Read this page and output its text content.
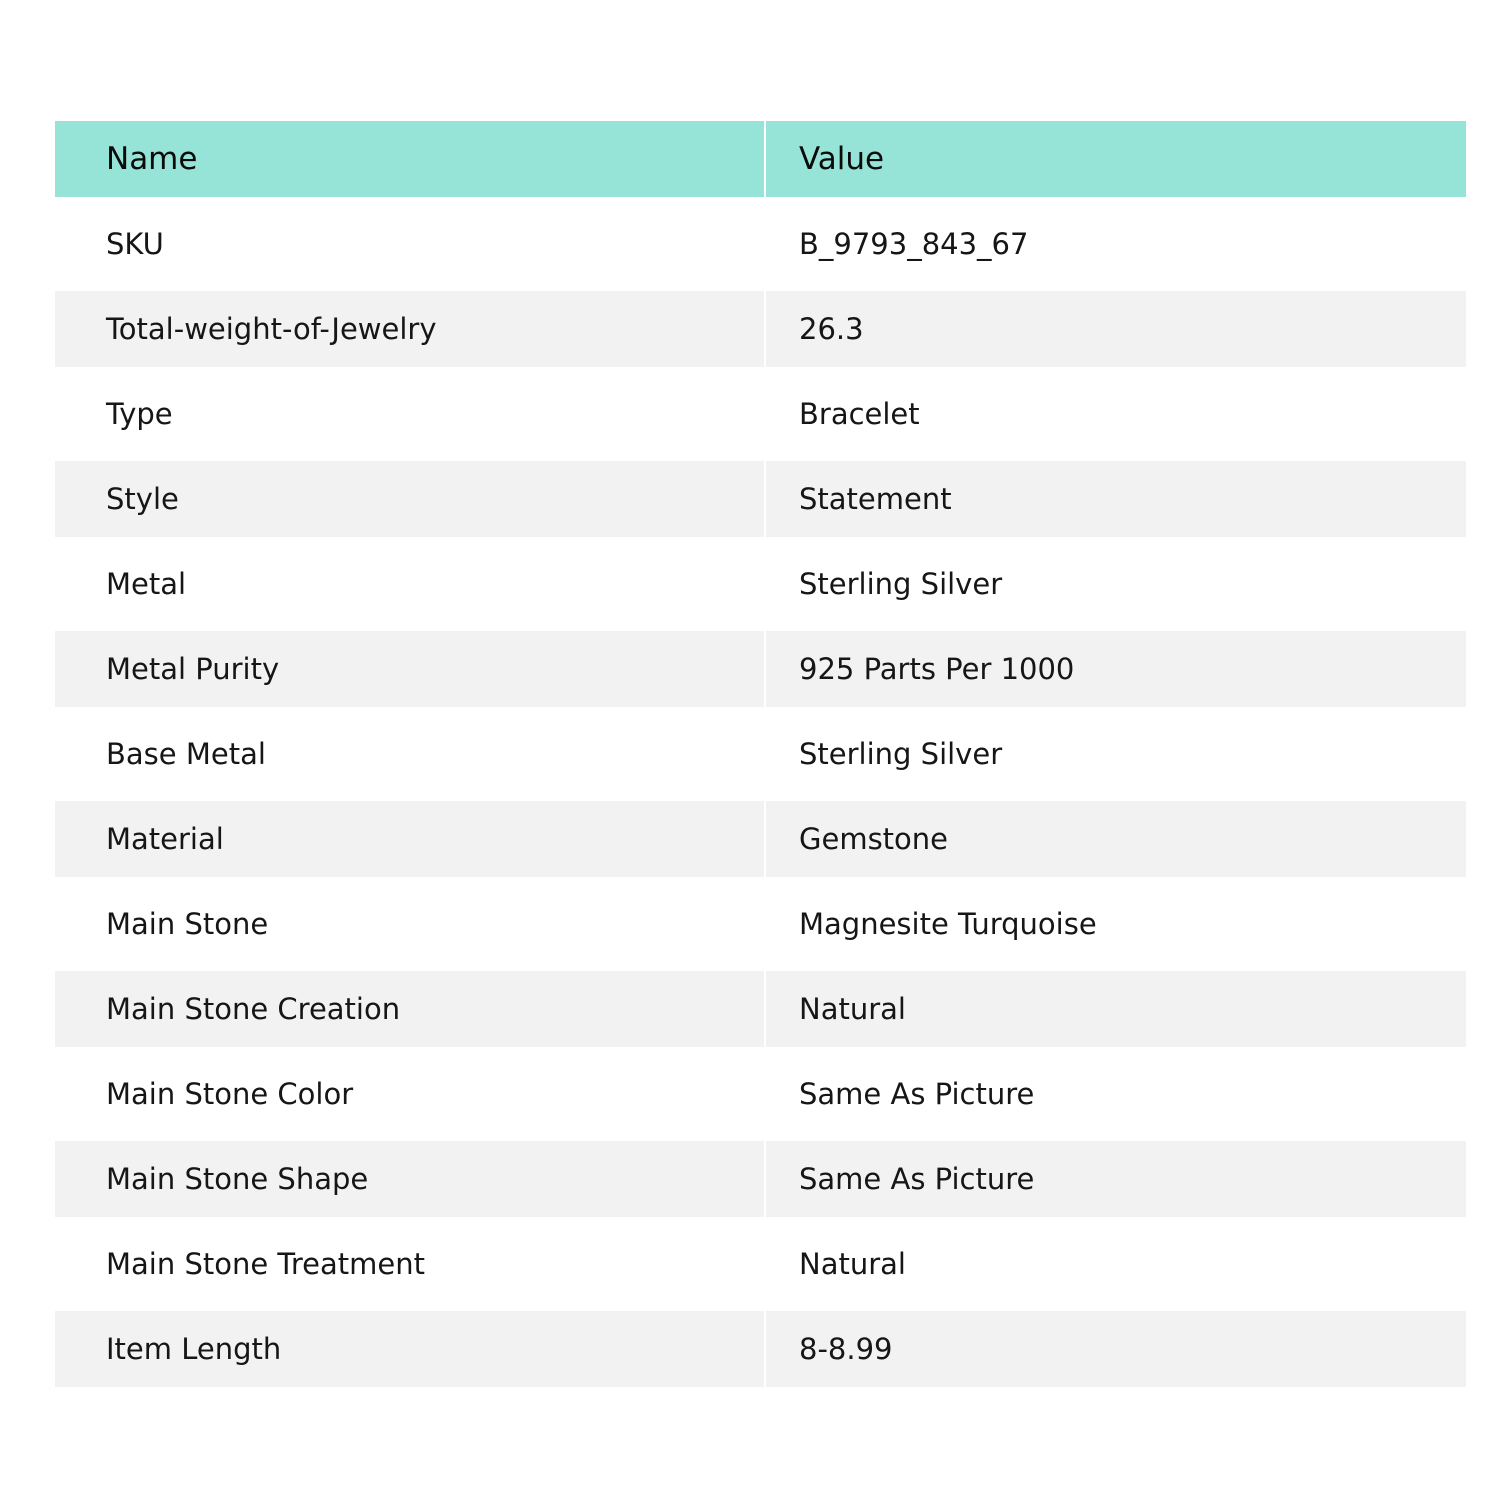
Name	Value
SKU	B_9793_843_67
Total-weight-of-Jewelry	26.3
Type	Bracelet
Style	Statement
Metal	Sterling Silver
Metal Purity	925 Parts Per 1000
Base Metal	Sterling Silver
Material	Gemstone
Main Stone	Magnesite Turquoise
Main Stone Creation	Natural
Main Stone Color	Same As Picture
Main Stone Shape	Same As Picture
Main Stone Treatment	Natural
Item Length	8-8.99
